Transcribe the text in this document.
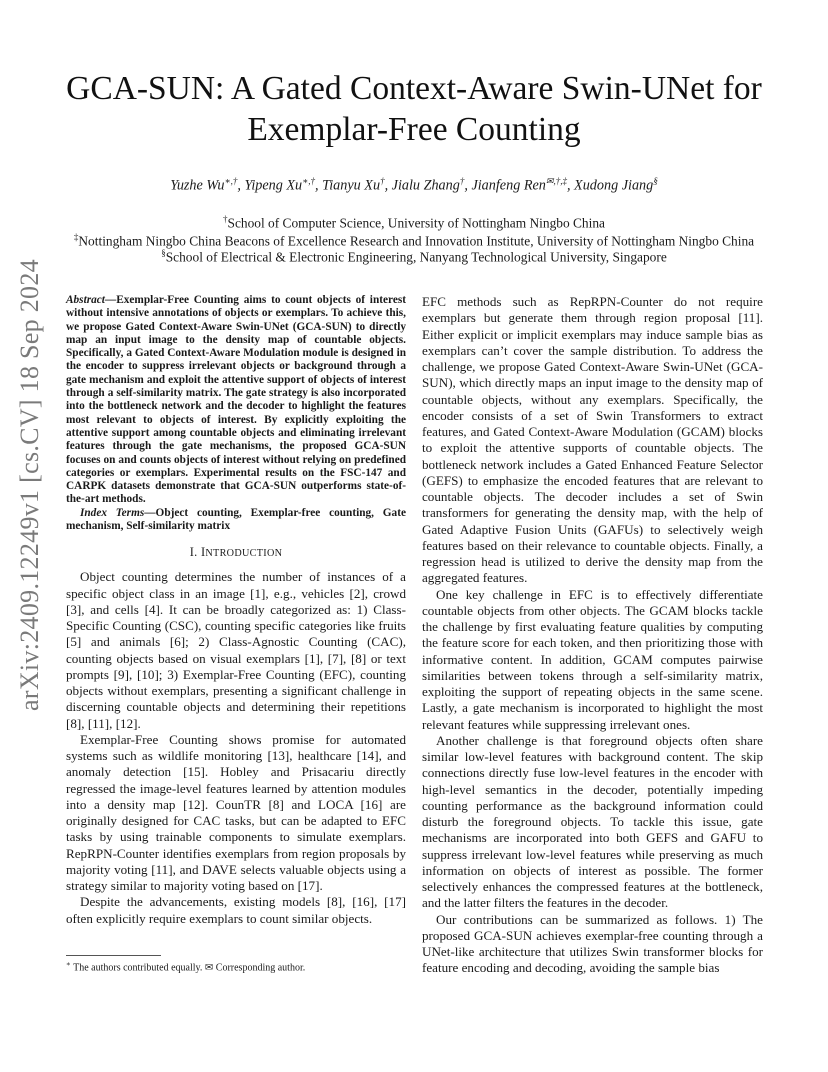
arXiv:2409.12249v1 [cs.CV] 18 Sep 2024
GCA-SUN: A Gated Context-Aware Swin-UNet for
Exemplar-Free Counting
Yuzhe Wu∗,†, Yipeng Xu∗,†, Tianyu Xu†, Jialu Zhang†, Jianfeng Ren✉,†,‡, Xudong Jiang§
†School of Computer Science, University of Nottingham Ningbo China
‡Nottingham Ningbo China Beacons of Excellence Research and Innovation Institute, University of Nottingham Ningbo China
§School of Electrical & Electronic Engineering, Nanyang Technological University, Singapore

Abstract—Exemplar-Free Counting aims to count objects of interest without intensive annotations of objects or exemplars. To achieve this, we propose Gated Context-Aware Swin-UNet (GCA-SUN) to directly map an input image to the density map of countable objects. Specifically, a Gated Context-Aware Modulation module is designed in the encoder to suppress irrelevant objects or background through a gate mechanism and exploit the attentive support of objects of interest through a self-similarity matrix. The gate strategy is also incorporated into the bottleneck network and the decoder to highlight the features most relevant to objects of interest. By explicitly exploiting the attentive support among countable objects and eliminating irrelevant features through the gate mechanisms, the proposed GCA-SUN focuses on and counts objects of interest without relying on predefined categories or exemplars. Experimental results on the FSC-147 and CARPK datasets demonstrate that GCA-SUN outperforms state-of-the-art methods.

Index Terms—Object counting, Exemplar-free counting, Gate mechanism, Self-similarity matrix

I. INTRODUCTION

Object counting determines the number of instances of a specific object class in an image [1], e.g., vehicles [2], crowd [3], and cells [4]. It can be broadly categorized as: 1) Class-Specific Counting (CSC), counting specific categories like fruits [5] and animals [6]; 2) Class-Agnostic Counting (CAC), counting objects based on visual exemplars [1], [7], [8] or text prompts [9], [10]; 3) Exemplar-Free Counting (EFC), counting objects without exemplars, presenting a significant challenge in discerning countable objects and determining their repetitions [8], [11], [12].

Exemplar-Free Counting shows promise for automated systems such as wildlife monitoring [13], healthcare [14], and anomaly detection [15]. Hobley and Prisacariu directly regressed the image-level features learned by attention modules into a density map [12]. CounTR [8] and LOCA [16] are originally designed for CAC tasks, but can be adapted to EFC tasks by using trainable components to simulate exemplars. RepRPN-Counter identifies exemplars from region proposals by majority voting [11], and DAVE selects valuable objects using a strategy similar to majority voting based on [17].

Despite the advancements, existing models [8], [16], [17] often explicitly require exemplars to count similar objects.

EFC methods such as RepRPN-Counter do not require exemplars but generate them through region proposal [11]. Either explicit or implicit exemplars may induce sample bias as exemplars can’t cover the sample distribution. To address the challenge, we propose Gated Context-Aware Swin-UNet (GCA-SUN), which directly maps an input image to the density map of countable objects, without any exemplars. Specifically, the encoder consists of a set of Swin Transformers to extract features, and Gated Context-Aware Modulation (GCAM) blocks to exploit the attentive supports of countable objects. The bottleneck network includes a Gated Enhanced Feature Selector (GEFS) to emphasize the encoded features that are relevant to countable objects. The decoder includes a set of Swin transformers for generating the density map, with the help of Gated Adaptive Fusion Units (GAFUs) to selectively weigh features based on their relevance to countable objects. Finally, a regression head is utilized to derive the density map from the aggregated features.

One key challenge in EFC is to effectively differentiate countable objects from other objects. The GCAM blocks tackle the challenge by first evaluating feature qualities by computing the feature score for each token, and then prioritizing those with informative content. In addition, GCAM computes pairwise similarities between tokens through a self-similarity matrix, exploiting the support of repeating objects in the same scene. Lastly, a gate mechanism is incorporated to highlight the most relevant features while suppressing irrelevant ones.

Another challenge is that foreground objects often share similar low-level features with background content. The skip connections directly fuse low-level features in the encoder with high-level semantics in the decoder, potentially impeding counting performance as the background information could disturb the foreground objects. To tackle this issue, gate mechanisms are incorporated into both GEFS and GAFU to suppress irrelevant low-level features while preserving as much information on objects of interest as possible. The former selectively enhances the compressed features at the bottleneck, and the latter filters the features in the decoder.

Our contributions can be summarized as follows. 1) The proposed GCA-SUN achieves exemplar-free counting through a UNet-like architecture that utilizes Swin transformer blocks for feature encoding and decoding, avoiding the sample bias

∗ The authors contributed equally. ✉ Corresponding author.
